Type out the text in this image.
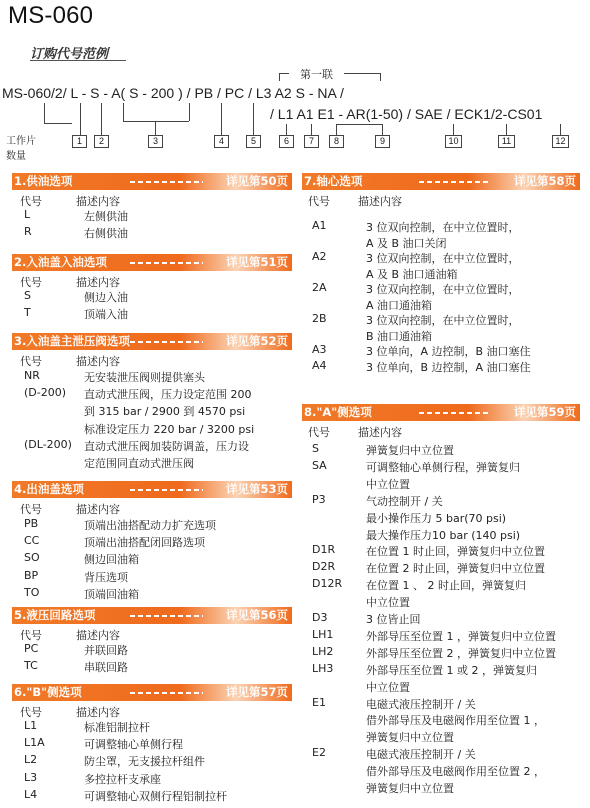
MS-060
订购代号范例
第一联
MS-060/2/ L - S - A( S - 200 ) / PB / PC / L3 A2 S - NA /
/ L1 A1 E1 - AR(1-50) / SAE / ECK1/2-CS01
工作片
数量
1	2	3	4	5	6	7	8	9	10	11	12
1.供油选项	详见第50页
代号	描述内容
L	左侧供油
R	右侧供油
2.入油盖入油选项	详见第51页
代号	描述内容
S	侧边入油
T	顶端入油
3.入油盖主泄压阀选项	详见第52页
代号	描述内容
NR	无安装泄压阀则提供塞头
(D-200) 直动式泄压阀，压力设定范围 200
到 315 bar / 2900 到 4570 psi
标准设定压力 220 bar / 3200 psi
(DL-200) 直动式泄压阀加装防调盖，压力设
定范围同直动式泄压阀
4.出油盖选项	详见第53页
代号	描述内容
PB	顶端出油搭配动力扩充选项
CC	顶端出油搭配闭回路选项
SO	侧边回油箱
BP	背压选项
TO	顶端回油箱
5.液压回路选项	详见第56页
代号	描述内容
PC	并联回路
TC	串联回路
6."B"侧选项	详见第57页
代号	描述内容
L1	标准铝制拉杆
L1A	可调整轴心单侧行程
L2	防尘罩，无支援拉杆组件
L3	多控拉杆支承座
L4	可调整轴心双侧行程铝制拉杆
7.轴心选项	详见第58页
代号	描述内容
A1	3 位双向控制，在中立位置时，
A 及 B 油口关闭
A2	3 位双向控制，在中立位置时，
A 及 B 油口通油箱
2A	3 位双向控制，在中立位置时，
A 油口通油箱
2B	3 位双向控制，在中立位置时，
B 油口通油箱
A3	3 位单向，A 边控制，B 油口塞住
A4	3 位单向，B 边控制，A 油口塞住
8."A"侧选项	详见第59页
代号	描述内容
S	弹簧复归中立位置
SA	可调整轴心单侧行程，弹簧复归
中立位置
P3	气动控制开 / 关
最小操作压力 5 bar(70 psi)
最大操作压力10 bar (140 psi)
D1R	在位置 1 时止回，弹簧复归中立位置
D2R	在位置 2 时止回，弹簧复归中立位置
D12R 在位置 1 、 2 时止回，弹簧复归
中立位置
D3	3 位皆止回
LH1	外部导压至位置 1 ，弹簧复归中立位置
LH2	外部导压至位置 2 ，弹簧复归中立位置
LH3	外部导压至位置 1 或 2 ，弹簧复归
中立位置
E1	电磁式液压控制开 / 关
借外部导压及电磁阀作用至位置 1 ，
弹簧复归中立位置
E2	电磁式液压控制开 / 关
借外部导压及电磁阀作用至位置 2 ，
弹簧复归中立位置
